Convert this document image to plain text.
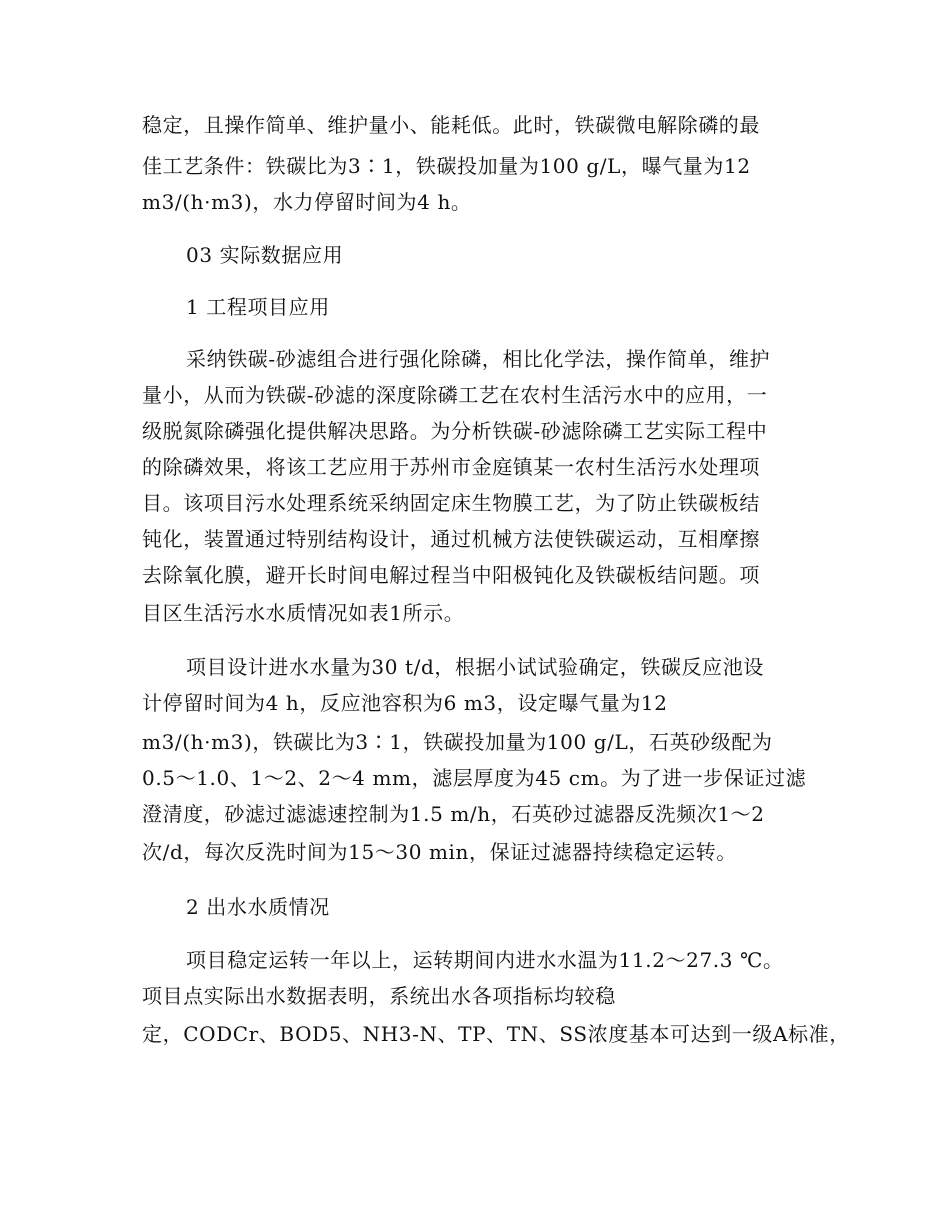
稳定，且操作简单、维护量小、能耗低。此时，铁碳微电解除磷的最
佳工艺条件：铁碳比为3∶1，铁碳投加量为100 g/L，曝气量为12
m3/(h·m3)，水力停留时间为4 h。
03 实际数据应用
1 工程项目应用
采纳铁碳-砂滤组合进行强化除磷，相比化学法，操作简单，维护
量小，从而为铁碳-砂滤的深度除磷工艺在农村生活污水中的应用，一
级脱氮除磷强化提供解决思路。为分析铁碳-砂滤除磷工艺实际工程中
的除磷效果，将该工艺应用于苏州市金庭镇某一农村生活污水处理项
目。该项目污水处理系统采纳固定床生物膜工艺，为了防止铁碳板结
钝化，装置通过特别结构设计，通过机械方法使铁碳运动，互相摩擦
去除氧化膜，避开长时间电解过程当中阳极钝化及铁碳板结问题。项
目区生活污水水质情况如表1所示。
项目设计进水水量为30 t/d，根据小试试验确定，铁碳反应池设
计停留时间为4 h，反应池容积为6 m3，设定曝气量为12
m3/(h·m3)，铁碳比为3∶1，铁碳投加量为100 g/L，石英砂级配为
0.5～1.0、1～2、2～4 mm，滤层厚度为45 cm。为了进一步保证过滤
澄清度，砂滤过滤滤速控制为1.5 m/h，石英砂过滤器反洗频次1～2
次/d，每次反洗时间为15～30 min，保证过滤器持续稳定运转。
2 出水水质情况
项目稳定运转一年以上，运转期间内进水水温为11.2～27.3 ℃。
项目点实际出水数据表明，系统出水各项指标均较稳
定，CODCr、BOD5、NH3-N、TP、TN、SS浓度基本可达到一级A标准，
